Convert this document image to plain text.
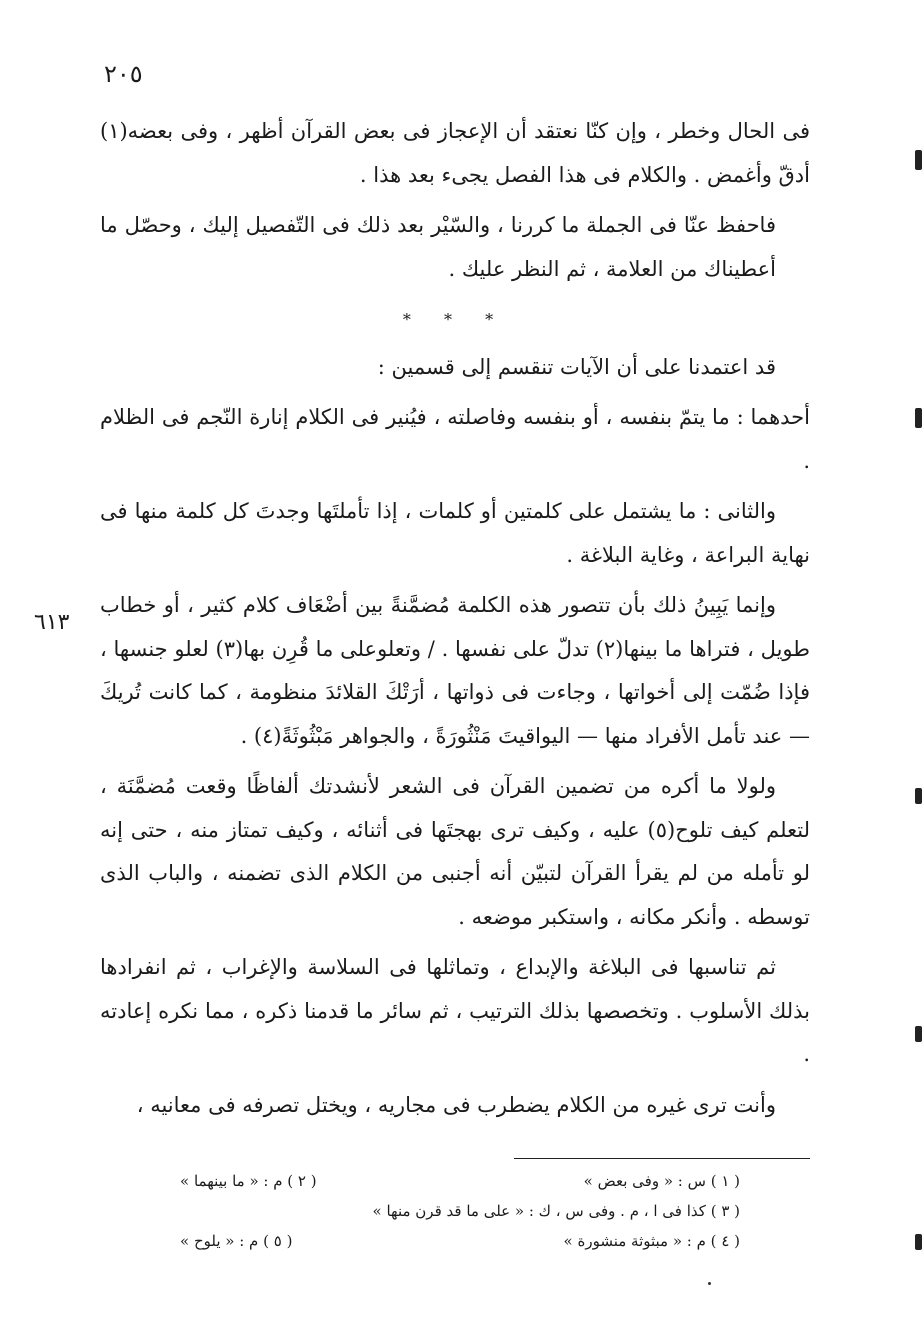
٢٠٥
٦١٣

فى الحال وخطر ، وإن كنّا نعتقد أن الإعجاز فى بعض القرآن أظهر ، وفى بعضه(١) أدقّ وأغمض . والكلام فى هذا الفصل يجىء بعد هذا .

فاحفظ عنّا فى الجملة ما كررنا ، والسّيْر بعد ذلك فى التّفصيل إليك ، وحصّل ما أعطيناك من العلامة ، ثم النظر عليك .

* * *

قد اعتمدنا على أن الآيات تنقسم إلى قسمين :

أحدهما : ما يتمّ بنفسه ، أو بنفسه وفاصلته ، فيُنير فى الكلام إنارة النّجم فى الظلام .

والثانى : ما يشتمل على كلمتين أو كلمات ، إذا تأملتَها وجدتَ كل كلمة منها فى نهاية البراعة ، وغاية البلاغة .

وإنما يَبِينُ ذلك بأن تتصور هذه الكلمة مُضمَّنةً بين أضْعَاف كلام كثير ، أو خطاب طويل ، فتراها ما بينها(٢) تدلّ على نفسها . / وتعلوعلى ما قُرِن بها(٣) لعلو جنسها ، فإذا ضُمّت إلى أخواتها ، وجاءت فى ذواتها ، أرَتْكَ القلائدَ منظومة ، كما كانت تُريكَ — عند تأمل الأفراد منها — اليواقيتَ مَنْثُورَةً ، والجواهر مَبْثُوثَةً(٤) .

ولولا ما أكره من تضمين القرآن فى الشعر لأنشدتك ألفاظًا وقعت مُضمَّنَة ، لتعلم كيف تلوح(٥) عليه ، وكيف ترى بهجتَها فى أثنائه ، وكيف تمتاز منه ، حتى إنه لو تأمله من لم يقرأ القرآن لتبيّن أنه أجنبى من الكلام الذى تضمنه ، والباب الذى توسطه . وأنكر مكانه ، واستكبر موضعه .

ثم تناسبها فى البلاغة والإبداع ، وتماثلها فى السلاسة والإغراب ، ثم انفرادها بذلك الأسلوب . وتخصصها بذلك الترتيب ، ثم سائر ما قدمنا ذكره ، مما نكره إعادته .

وأنت ترى غيره من الكلام يضطرب فى مجاريه ، ويختل تصرفه فى معانيه ،

( ١ ) س : « وفى بعض »
( ٢ ) م : « ما بينهما »
( ٣ ) كذا فى ا ، م . وفى س ، ك : « على ما قد قرن منها »
( ٤ ) م : « مبثوثة منشورة »
( ٥ ) م : « يلوح »
